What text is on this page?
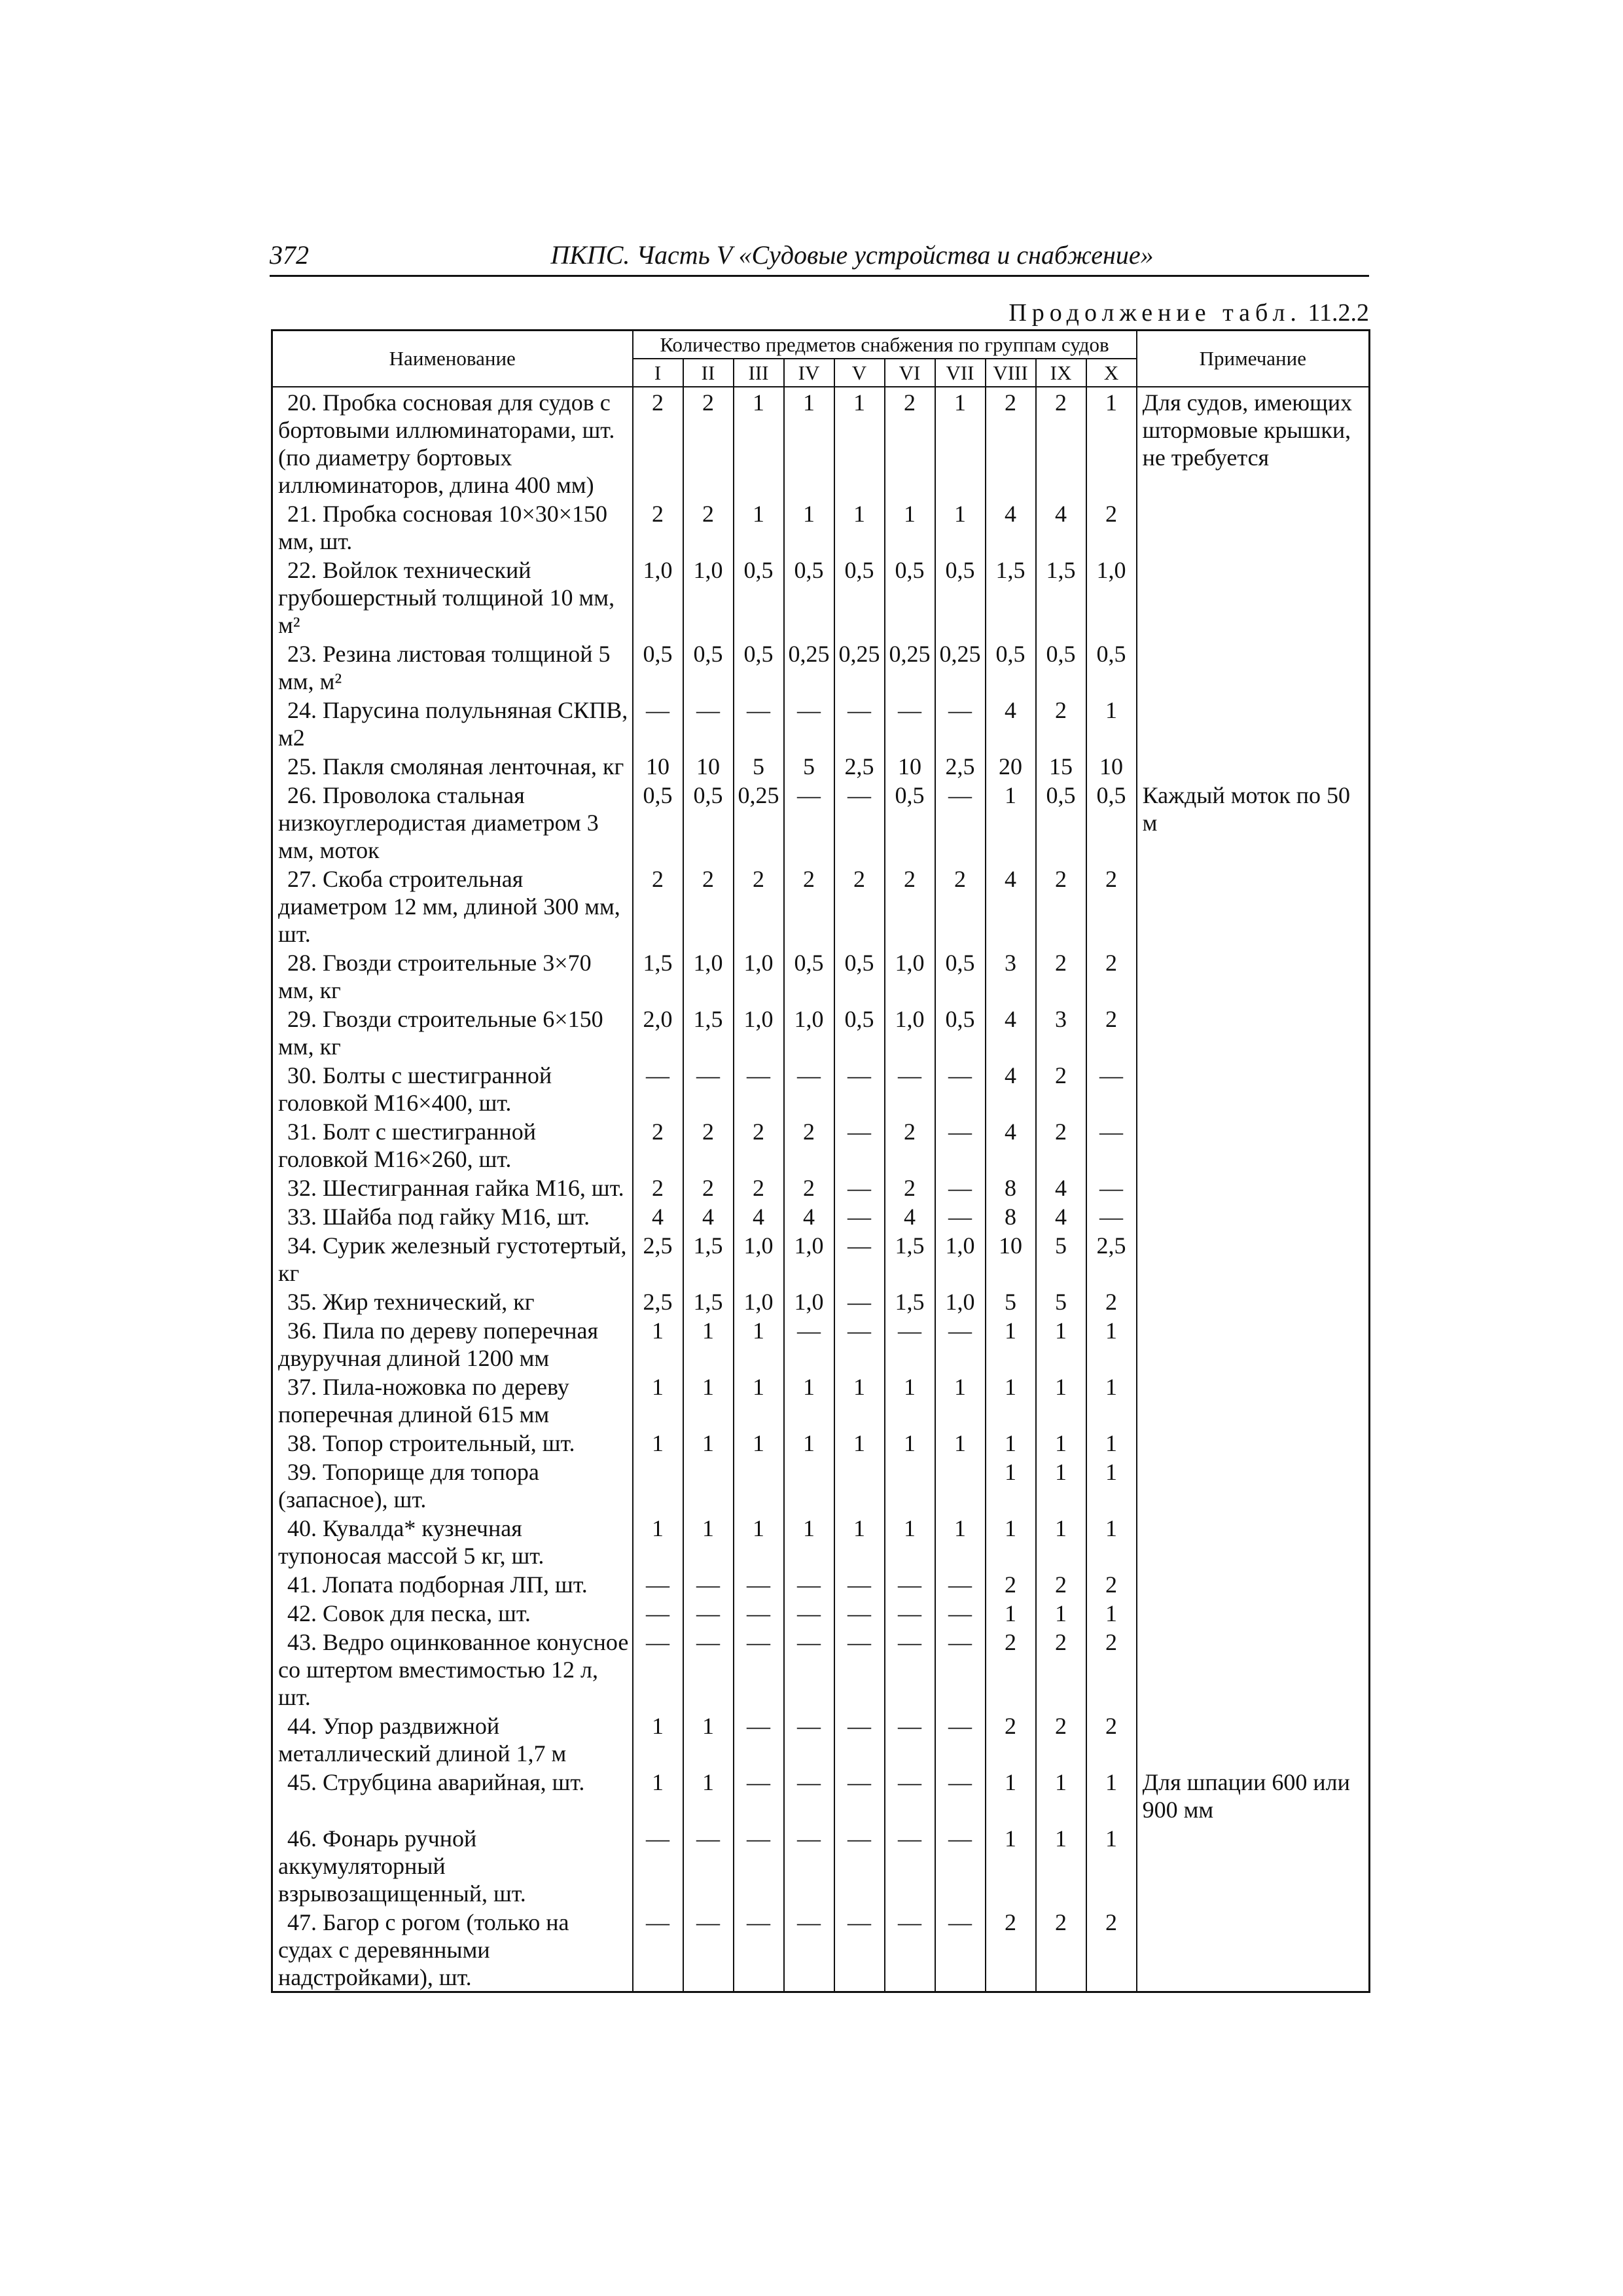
372	ПКПС. Часть V «Судовые устройства и снабжение»
Продолжение табл. 11.2.2
Наименование	Количество предметов снабжения по группам судов										Примечание
	I	II	III	IV	V	VI	VII	VIII	IX	X	
20. Пробка сосновая для судов с бортовыми иллюминаторами, шт. (по диаметру бортовых иллюминаторов, длина 400 мм)	2	2	1	1	1	2	1	2	2	1	Для судов, имеющих штормовые крышки, не требуется
21. Пробка сосновая 10×30×150 мм, шт.	2	2	1	1	1	1	1	4	4	2	
22. Войлок технический грубошерстный толщиной 10 мм, м²	1,0	1,0	0,5	0,5	0,5	0,5	0,5	1,5	1,5	1,0	
23. Резина листовая толщиной 5 мм, м²	0,5	0,5	0,5	0,25	0,25	0,25	0,25	0,5	0,5	0,5	
24. Парусина полульняная СКПВ, м2	—	—	—	—	—	—	—	4	2	1	
25. Пакля смоляная ленточная, кг	10	10	5	5	2,5	10	2,5	20	15	10	
26. Проволока стальная низкоуглеродистая диаметром 3 мм, моток	0,5	0,5	0,25	—	—	0,5	—	1	0,5	0,5	Каждый моток по 50 м
27. Скоба строительная диаметром 12 мм, длиной 300 мм, шт.	2	2	2	2	2	2	2	4	2	2	
28. Гвозди строительные 3×70 мм, кг	1,5	1,0	1,0	0,5	0,5	1,0	0,5	3	2	2	
29. Гвозди строительные 6×150 мм, кг	2,0	1,5	1,0	1,0	0,5	1,0	0,5	4	3	2	
30. Болты с шестигранной головкой М16×400, шт.	—	—	—	—	—	—	—	4	2	—	
31. Болт с шестигранной головкой М16×260, шт.	2	2	2	2	—	2	—	4	2	—	
32. Шестигранная гайка М16, шт.	2	2	2	2	—	2	—	8	4	—	
33. Шайба под гайку М16, шт.	4	4	4	4	—	4	—	8	4	—	
34. Сурик железный густотертый, кг	2,5	1,5	1,0	1,0	—	1,5	1,0	10	5	2,5	
35. Жир технический, кг	2,5	1,5	1,0	1,0	—	1,5	1,0	5	5	2	
36. Пила по дереву поперечная двуручная длиной 1200 мм	1	1	1	—	—	—	—	1	1	1	
37. Пила-ножовка по дереву поперечная длиной 615 мм	1	1	1	1	1	1	1	1	1	1	
38. Топор строительный, шт.	1	1	1	1	1	1	1	1	1	1	
39. Топорище для топора (запасное), шт.								1	1	1	
40. Кувалда* кузнечная тупоносая массой 5 кг, шт.	1	1	1	1	1	1	1	1	1	1	
41. Лопата подборная ЛП, шт.	—	—	—	—	—	—	—	2	2	2	
42. Совок для песка, шт.	—	—	—	—	—	—	—	1	1	1	
43. Ведро оцинкованное конусное со штертом вместимостью 12 л, шт.	—	—	—	—	—	—	—	2	2	2	
44. Упор раздвижной металлический длиной 1,7 м	1	1	—	—	—	—	—	2	2	2	
45. Струбцина аварийная, шт.	1	1	—	—	—	—	—	1	1	1	Для шпации 600 или 900 мм
46. Фонарь ручной аккумуляторный взрывозащищенный, шт.	—	—	—	—	—	—	—	1	1	1	
47. Багор с рогом (только на судах с деревянными надстройками), шт.	—	—	—	—	—	—	—	2	2	2	
